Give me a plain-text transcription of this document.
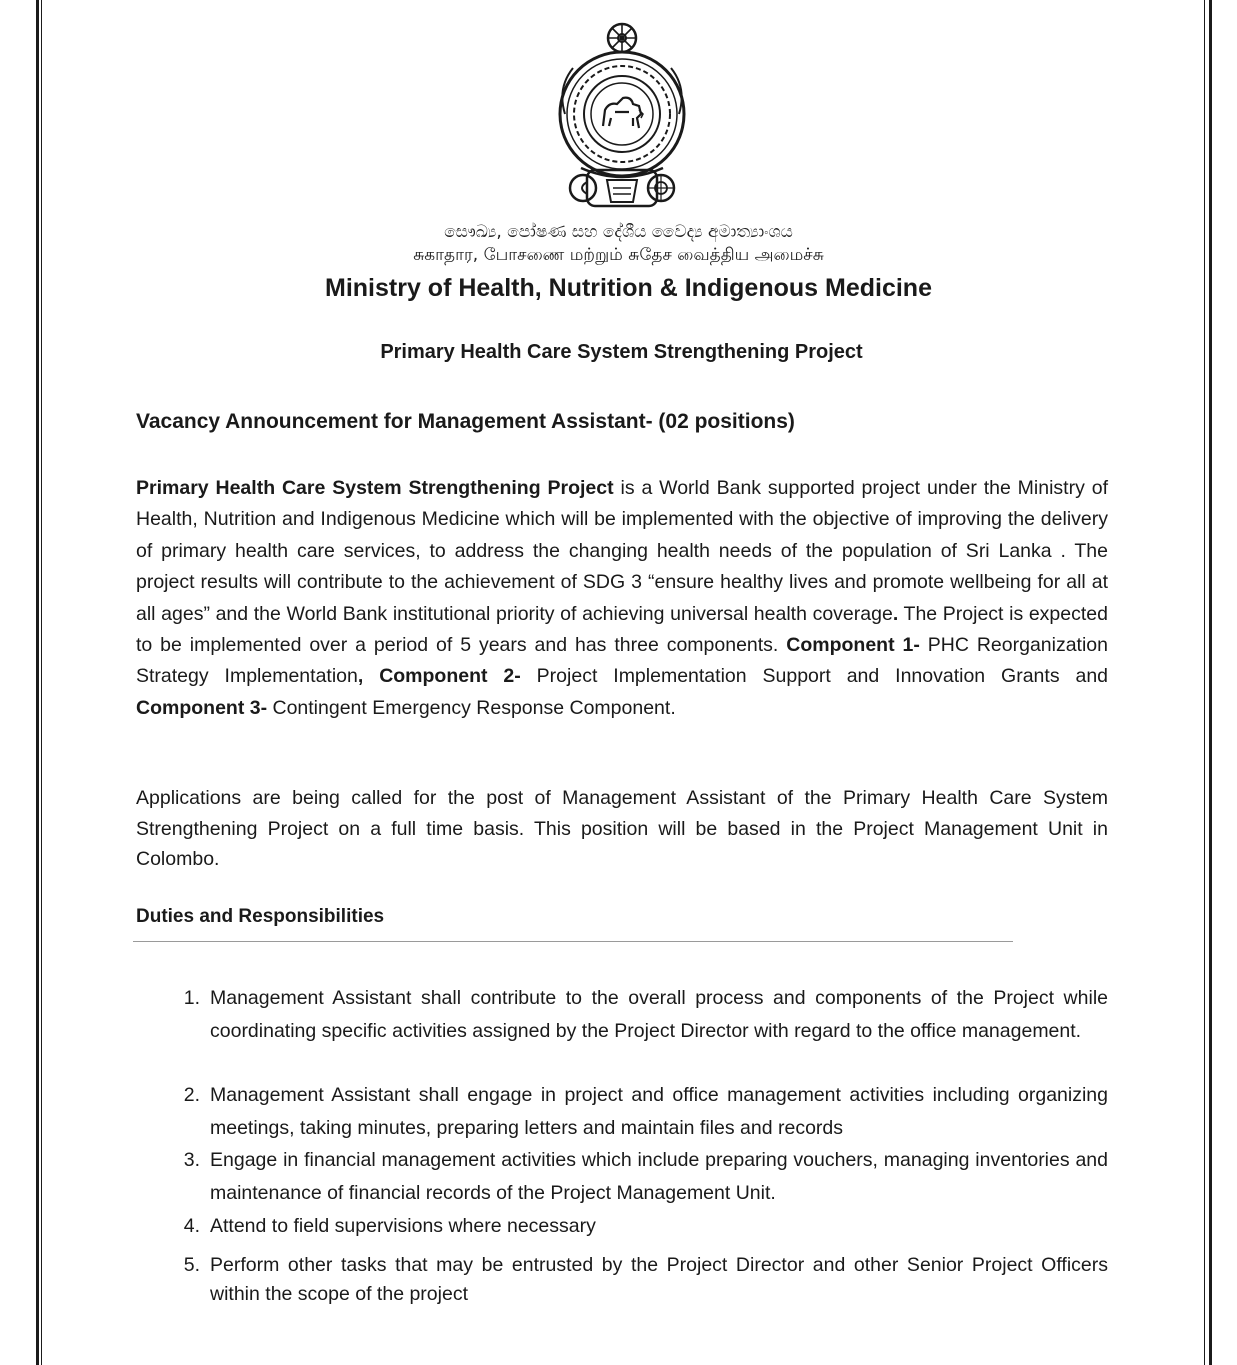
සෞඛ්‍ය, පෝෂණ සහ දේශීය වෛද්‍ය අමාත්‍යාංශය
சுகாதார, போசணை மற்றும் சுதேச வைத்திய அமைச்சு
Ministry of Health, Nutrition & Indigenous Medicine
Primary Health Care System Strengthening Project
Vacancy Announcement for Management Assistant- (02 positions)
Primary Health Care System Strengthening Project is a World Bank supported project under the Ministry of Health, Nutrition and Indigenous Medicine which will be implemented with the objective of improving the delivery of primary health care services, to address the changing health needs of the population of Sri Lanka . The project results will contribute to the achievement of SDG 3 “ensure healthy lives and promote wellbeing for all at all ages” and the World Bank institutional priority of achieving universal health coverage. The Project is expected to be implemented over a period of 5 years and has three components. Component 1- PHC Reorganization Strategy Implementation, Component 2- Project Implementation Support and Innovation Grants and Component 3- Contingent Emergency Response Component.
Applications are being called for the post of Management Assistant of the Primary Health Care System Strengthening Project on a full time basis. This position will be based in the Project Management Unit in Colombo.
Duties and Responsibilities
1. Management Assistant shall contribute to the overall process and components of the Project while coordinating specific activities assigned by the Project Director with regard to the office management.
2. Management Assistant shall engage in project and office management activities including organizing meetings, taking minutes, preparing letters and maintain files and records
3. Engage in financial management activities which include preparing vouchers, managing inventories and maintenance of financial records of the Project Management Unit.
4. Attend to field supervisions where necessary
5. Perform other tasks that may be entrusted by the Project Director and other Senior Project Officers within the scope of the project
